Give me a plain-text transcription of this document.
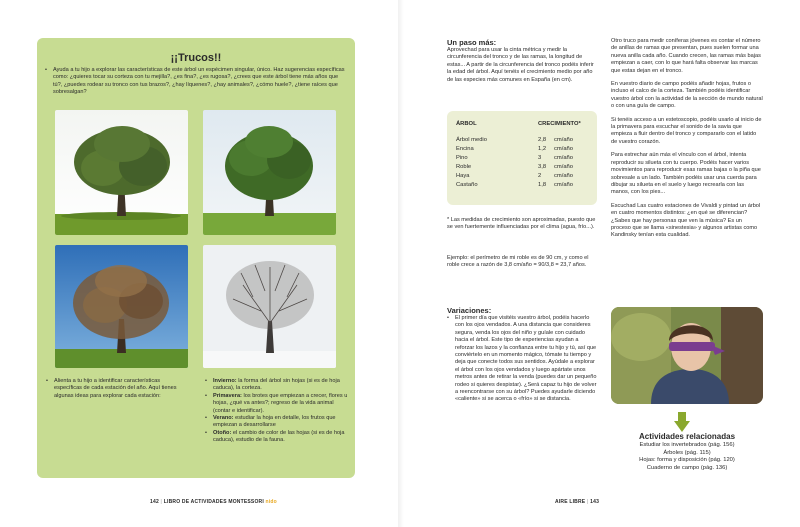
¡¡Trucos!!
•	Ayuda a tu hijo a explorar las características de este árbol un espécimen singular, único. Haz sugerencias específicas como: ¿quieres tocar su corteza con tu mejilla?, ¿es fina?, ¿es rugosa?, ¿crees que este árbol tiene más años que tú?, ¿puedes rodear su tronco con tus brazos?, ¿hay líquenes?, ¿hay animales?, ¿cómo huele?, ¿tiene raíces que sobresalgan?
•	Alienta a tu hijo a identificar características específicas de cada estación del año. Aquí tienes algunas ideas para explorar cada estación:
• Invierno: la forma del árbol sin hojas (si es de hoja caduca), la corteza.
• Primavera: los brotes que empiezan a crecer, flores u hojas, ¿qué va antes?; regreso de la vida animal (contar e identificar).
• Verano: estudiar la hoja en detalle, los frutos que empiezan a desarrollarse
• Otoño: el cambio de color de las hojas (si es de hoja caduca), estudio de la fauna.
142 | LIBRO DE ACTIVIDADES MONTESSORI nido
Un paso más:
Aprovechad para usar la cinta métrica y medir la circunferencia del tronco y de las ramas, la longitud de estas... A partir de la circunferencia del tronco podéis inferir la edad del árbol. Aquí tenéis el crecimiento medio por año de las especies más comunes en España (en cm).
ÁRBOL	CRECIMIENTO*
Árbol medio	2,8 cm/año
Encina	1,2 cm/año
Pino	3 cm/año
Roble	3,8 cm/año
Haya	2 cm/año
Castaño	1,8 cm/año
* Las medidas de crecimiento son aproximadas, puesto que se ven fuertemente influenciadas por el clima (agua, frío...).
Ejemplo: el perímetro de mi roble es de 90 cm, y como el roble crece a razón de 3,8 cm/año = 90/3,8 = 23,7 años.
Variaciones:
• El primer día que visitéis vuestro árbol, podéis hacerlo con los ojos vendados. A una distancia que consideres segura, venda los ojos del niño y guíale con cuidado hacia el árbol. Este tipo de experiencias ayudan a reforzar los lazos y la confianza entre tu hijo y tú, así que conviértelo en un momento mágico, tómate tu tiempo y deja que conecte todos sus sentidos. Ayúdale a explorar el árbol con los ojos vendados y luego apártate unos metros antes de retirar la venda (puedes dar un pequeño rodeo si quieres despistar). ¿Será capaz tu hijo de volver a reencontrarse con su árbol? Puedes ayudarle diciendo «caliente» si se acerca o «frío» si se distancia.

Otro truco para medir coníferas jóvenes es contar el número de anillas de ramas que presentan, pues suelen formar una nueva anilla cada año. Cuando crecen, las ramas más bajas empiezan a caer, con lo que hará falta observar las marcas que estas dejan en el tronco.

En vuestro diario de campo podéis añadir hojas, frutos o incluso el calco de la corteza. También podéis identificar vuestro árbol con la actividad de la sección de mundo natural o con una guía de campo.

Si tenéis acceso a un estetoscopio, podéis usarlo al inicio de la primavera para escuchar el sonido de la savia que empieza a fluir dentro del tronco y compararlo con el latido de vuestro corazón.

Para estrechar aún más el vínculo con el árbol, intenta reproducir su silueta con tu cuerpo. Podéis hacer varios movimientos para reproducir esas ramas bajas o la piña que sobresale a un lado. También podéis usar una cuerda para dibujar su silueta en el suelo y luego recrearla con las manos, con los pies...

Escuchad Las cuatro estaciones de Vivaldi y pintad un árbol en cuatro momentos distintos: ¿en qué se diferencian? ¿Sabes que hay personas que ven la música? Es un proceso que se llama «sinestesia» y algunos artistas como Kandinsky tenían esta cualidad.

Actividades relacionadas
Estudiar los invertebrados (pág. 156)
Árboles (pág. 115)
Hojas: forma y disposición (pág. 120)
Cuaderno de campo (pág. 136)
AIRE LIBRE | 143
